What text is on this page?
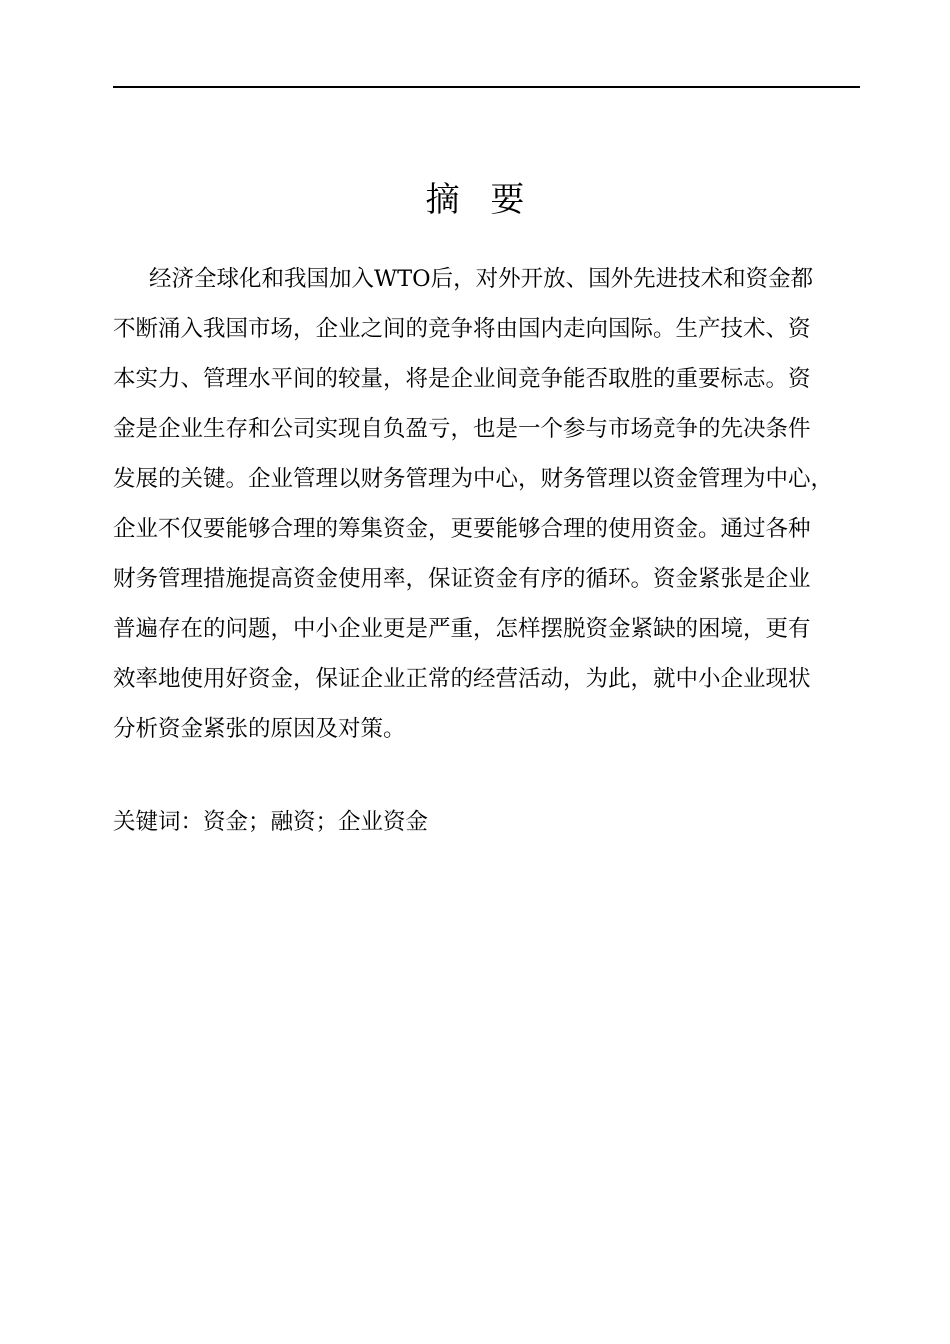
摘 要
经济全球化和我国加入WTO后，对外开放、国外先进技术和资金都
不断涌入我国市场，企业之间的竞争将由国内走向国际。生产技术、资
本实力、管理水平间的较量，将是企业间竞争能否取胜的重要标志。资
金是企业生存和公司实现自负盈亏，也是一个参与市场竞争的先决条件
发展的关键。企业管理以财务管理为中心，财务管理以资金管理为中心，
企业不仅要能够合理的筹集资金，更要能够合理的使用资金。通过各种
财务管理措施提高资金使用率，保证资金有序的循环。资金紧张是企业
普遍存在的问题，中小企业更是严重，怎样摆脱资金紧缺的困境，更有
效率地使用好资金，保证企业正常的经营活动，为此，就中小企业现状
分析资金紧张的原因及对策。
关键词：资金；融资；企业资金
